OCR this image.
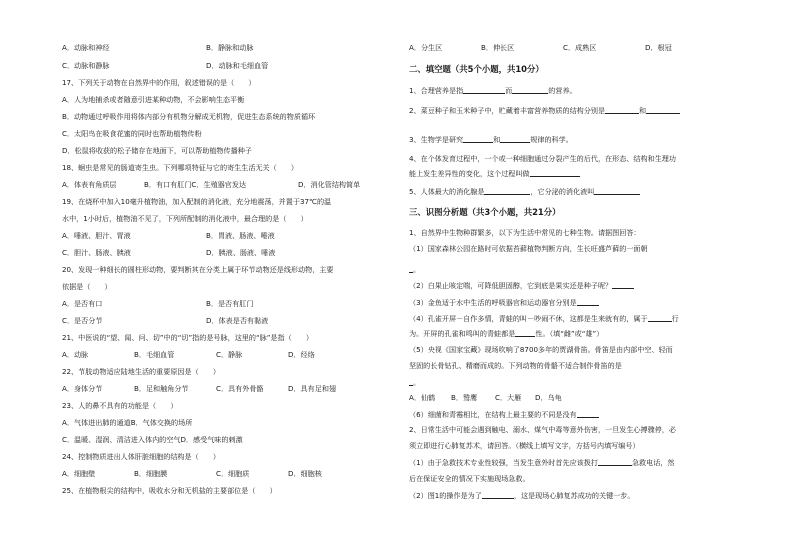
A．动脉和神经	B．静脉和动脉
C．动脉和静脉	D．动脉和毛细血管
17、下列关于动物在自然界中的作用，叙述错误的是（　　）
A．人为地捕杀或者随意引进某种动物，不会影响生态平衡
B．动物通过呼吸作用将体内部分有机物分解成无机物，促进生态系统的物质循环
C．太阳鸟在吸食花蜜的同时也帮助植物传粉
D．松鼠将收获的松子储存在地面下，可以帮助植物传播种子
18、蛔虫是常见的肠道寄生虫。下列哪项特征与它的寄生生活无关（　　）
A．体表有角质层	B．有口有肛门C．生殖器官发达	D．消化管结构简单
19、在烧杯中加入10毫升植物油，加入配制的消化液，充分地震荡，并置于37℃的温
水中，1小时后，植物油不见了，下列所配制的消化液中，最合理的是（　　）
A．唾液、胆汁、胃液	B．胃液、肠液、唾液
C．胆汁、肠液、胰液	D．胰液、肠液、唾液
20、发现一种细长的圆柱形动物，要判断其在分类上属于环节动物还是线形动物，主要
依据是（　　）
A．是否有口	B．是否有肛门
C．是否分节	D．体表是否有黏液
21、中医说的“望、闻、问、切”中的“切”指的是号脉，这里的“脉”是指（　　）
A．动脉	B．毛细血管	C．静脉	D．经络
22、节肢动物适应陆地生活的重要原因是（　　）
A．身体分节	B．足和触角分节	C．具有外骨骼	D．具有足和翅
23、人的鼻不具有的功能是（　　）
A．气体进出肺的通道B．气体交换的场所
C．温暖、湿润、清洁进入体内的空气D．感受气味的刺激
24、控制物质进出人体肝脏细胞的结构是（　　）
A．细胞壁	B．细胞膜	C．细胞质	D．细胞核
25、在植物根尖的结构中，吸收水分和无机盐的主要部位是（　　）
A．分生区	B．伸长区	C．成熟区	D．根冠
二、填空题（共5个小题，共10分）
1、合理营养是指	而	的营养。
2、菜豆种子和玉米种子中，贮藏着丰富营养物质的结构分别是	和
3、生物学是研究	和	规律的科学。
4、在个体发育过程中，一个或一种细胞通过分裂产生的后代，在形态、结构和生理功
能上发生差异性的变化，这个过程叫做
5、人体最大的消化腺是	，它分泌的消化液叫
三、识图分析题（共3个小题，共21分）
1、自然界中生物种群繁多，以下为生活中常见的七种生物。请据图回答：
（1）国家森林公园在路时可依据苔藓植物判断方向，生长旺盛芦藓的一面朝
。
（2）白果止咳定喘，可降低胆固醇，它到底是果实还是种子呢？
（3）金鱼适于水中生活的呼吸器官和运动器官分别是
（4）孔雀开屏－自作多情，青蛙的叫－吵闹不休，这都是生来就有的，属于	行
为。开屏的孔雀和鸣叫的青蛙都是	性。（填“雌”或“雄”）
（5）央视《国家宝藏》现场吹响了8700多年的贾湖骨笛。骨笛是由内部中空、轻而
坚固的长骨钻孔、精磨而成的。下列动物的骨骼不适合制作骨笛的是
。
A．仙鹤	B．鹫鹰	C．大雁	D．乌龟
（6）细菌和青霉相比，在结构上最主要的不同是没有
2、日常生活中可能会遇到触电、溺水、煤气中毒等意外伤害，一旦发生心搏骤停，必
须立即进行心肺复苏术，请回答。（横线上填写文字，方括号内填写编号）
（1）由于急救技术专业性较强，当发生意外时首先应该拨打	急救电话，然
后在保证安全的情况下实施现场急救。
（2）图1的操作是为了	，这是现场心肺复苏成功的关键一步。
